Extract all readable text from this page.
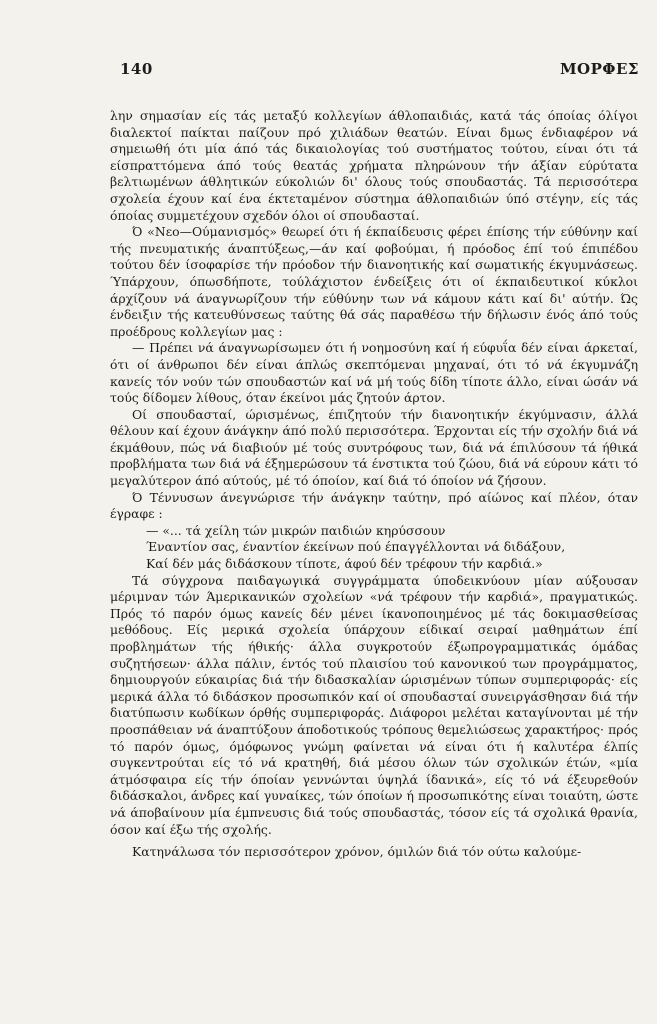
140	ΜΟΡΦΕΣ

λην σημασίαν είς τάς μεταξύ κολλεγίων άθλοπαιδιάς, κατά τάς όποίας όλίγοι διαλεκτοί παίκται παίζουν πρό χιλιάδων θεατών. Είναι δμως ένδιαφέρον νά σημειωθή ότι μία άπό τάς δικαιολογίας τού συστήματος τούτου, είναι ότι τά είσπραττόμενα άπό τούς θεατάς χρήματα πληρώνουν τήν άξίαν εύρύτατα βελτιωμένων άθλητικών εύκολιών δι' όλους τούς σπουδαστάς. Τά περισσότερα σχολεία έχουν καί ένα έκτεταμένον σύστημα άθλοπαιδιών ύπό στέγην, είς τάς όποίας συμμετέχουν σχεδόν όλοι οί σπουδασταί.

Ό «Νεο—Ούμανισμός» θεωρεί ότι ή έκπαίδευσις φέρει έπίσης τήν εύθύνην καί τής πνευματικής άναπτύξεως,—άν καί φοβούμαι, ή πρόοδος έπί τού έπιπέδου τούτου δέν ίσοφαρίσε τήν πρόοδον τήν διανοητικής καί σωματικής έκγυμνάσεως. Ύπάρχουν, όπωσδήποτε, τούλάχιστον ένδείξεις ότι οί έκπαιδευτικοί κύκλοι άρχίζουν νά άναγνωρίζουν τήν εύθύνην των νά κάμουν κάτι καί δι' αύτήν. Ώς ένδειξιν τής κατευθύνσεως ταύτης θά σάς παραθέσω τήν δήλωσιν ένός άπό τούς προέδρους κολλεγίων μας :

— Πρέπει νά άναγνωρίσωμεν ότι ή νοημοσύνη καί ή εύφυΐα δέν είναι άρκεταί, ότι οί άνθρωποι δέν είναι άπλώς σκεπτόμεναι μηχαναί, ότι τό νά έκγυμνάζη κανείς τόν νούν τών σπουδαστών καί νά μή τούς δίδη τίποτε άλλο, είναι ώσάν νά τούς δίδομεν λίθους, όταν έκείνοι μάς ζητούν άρτον.

Οί σπουδασταί, ώρισμένως, έπιζητούν τήν διανοητικήν έκγύμνασιν, άλλά θέλουν καί έχουν άνάγκην άπό πολύ περισσότερα. Έρχονται είς τήν σχολήν διά νά έκμάθουν, πώς νά διαβιούν μέ τούς συντρόφους των, διά νά έπιλύσουν τά ήθικά προβλήματα των διά νά έξημερώσουν τά ένστικτα τού ζώου, διά νά εύρουν κάτι τό μεγαλύτερον άπό αύτούς, μέ τό όποίον, καί διά τό όποίον νά ζήσουν.

Ό Τέννυσων άνεγνώρισε τήν άνάγκην ταύτην, πρό αίώνος καί πλέον, όταν έγραφε :

— «... τά χείλη τών μικρών παιδιών κηρύσσουν

Έναντίον σας, έναντίον έκείνων πού έπαγγέλλονται νά διδάξουν,

Καί δέν μάς διδάσκουν τίποτε, άφού δέν τρέφουν τήν καρδιά.»

Τά σύγχρονα παιδαγωγικά συγγράμματα ύποδεικνύουν μίαν αύξουσαν μέριμναν τών Άμερικανικών σχολείων «νά τρέφουν τήν καρδιά», πραγματικώς. Πρός τό παρόν όμως κανείς δέν μένει ίκανοποιημένος μέ τάς δοκιμασθείσας μεθόδους. Είς μερικά σχολεία ύπάρχουν είδικαί σειραί μαθημάτων έπί προβλημάτων τής ήθικής· άλλα συγκροτούν έξωπρογραμματικάς όμάδας συζητήσεων· άλλα πάλιν, έντός τού πλαισίου τού κανονικού των προγράμματος, δημιουργούν εύκαιρίας διά τήν διδασκαλίαν ώρισμένων τύπων συμπεριφοράς· είς μερικά άλλα τό διδάσκον προσωπικόν καί οί σπουδασταί συνειργάσθησαν διά τήν διατύπωσιν κωδίκων όρθής συμπεριφοράς. Διάφοροι μελέται καταγίνονται μέ τήν προσπάθειαν νά άναπτύξουν άποδοτικούς τρόπους θεμελιώσεως χαρακτήρος· πρός τό παρόν όμως, όμόφωνος γνώμη φαίνεται νά είναι ότι ή καλυτέρα έλπίς συγκεντρούται είς τό νά κρατηθή, διά μέσου όλων τών σχολικών έτών, «μία άτμόσφαιρα είς τήν όποίαν γεννώνται ύψηλά ίδανικά», είς τό νά έξευρεθούν διδάσκαλοι, άνδρες καί γυναίκες, τών όποίων ή προσωπικότης είναι τοιαύτη, ώστε νά άποβαίνουν μία έμπνευσις διά τούς σπουδαστάς, τόσον είς τά σχολικά θρανία, όσον καί έξω τής σχολής.

Κατηνάλωσα τόν περισσότερον χρόνον, όμιλών διά τόν ούτω καλούμε-
